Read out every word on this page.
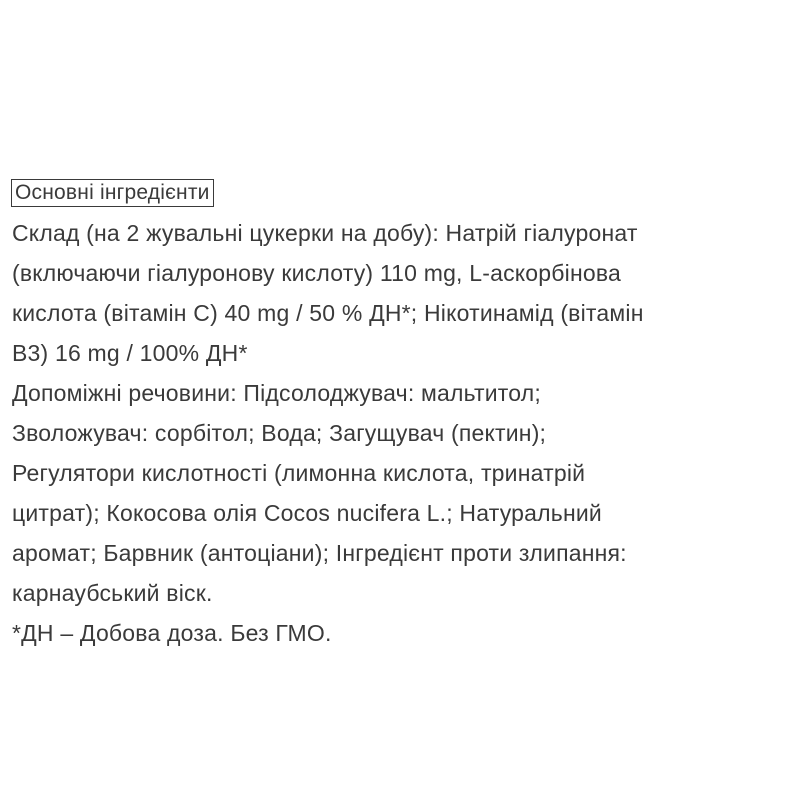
Основні інгредієнти
Склад (на 2 жувальні цукерки на добу): Натрій гіалуронат
(включаючи гіалуронову кислоту) 110 mg, L-аскорбінова
кислота (вітамін С) 40 mg / 50 % ДН*; Нікотинамід (вітамін
В3) 16 mg / 100% ДН*
Допоміжні речовини: Підсолоджувач: мальтитол;
Зволожувач: сорбітол; Вода; Загущувач (пектин);
Регулятори кислотності (лимонна кислота, тринатрій
цитрат); Кокосова олія Cocos nucifera L.; Натуральний
аромат; Барвник (антоціани); Інгредієнт проти злипання:
карнаубський віск.
*ДН – Добова доза. Без ГМО.
